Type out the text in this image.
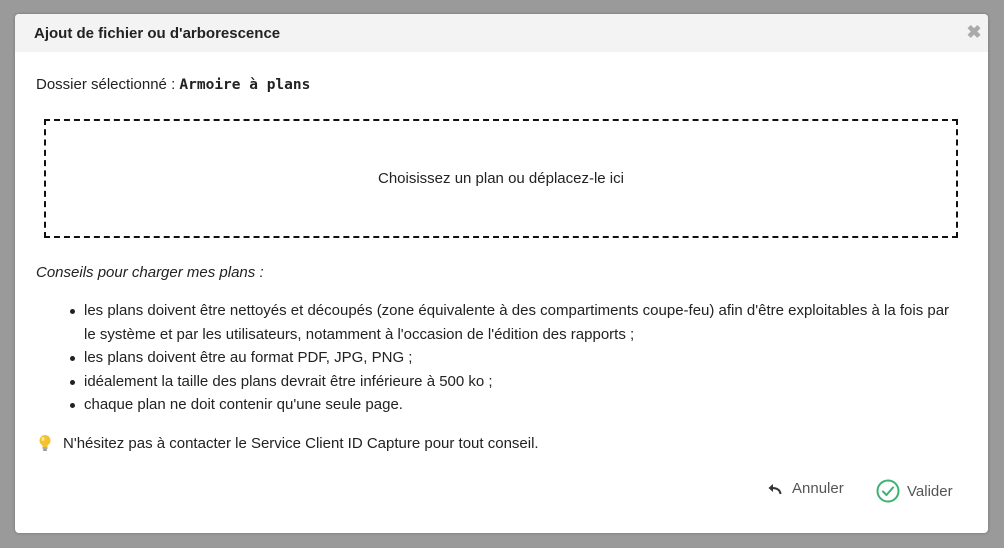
Ajout de fichier ou d'arborescence	✖
Dossier sélectionné : Armoire à plans
Choisissez un plan ou déplacez-le ici
Conseils pour charger mes plans :
les plans doivent être nettoyés et découpés (zone équivalente à des compartiments coupe-feu) afin d'être exploitables à la fois par le système et par les utilisateurs, notamment à l'occasion de l'édition des rapports ;
les plans doivent être au format PDF, JPG, PNG ;
idéalement la taille des plans devrait être inférieure à 500 ko ;
chaque plan ne doit contenir qu'une seule page.
N'hésitez pas à contacter le Service Client ID Capture pour tout conseil.
Annuler	Valider
